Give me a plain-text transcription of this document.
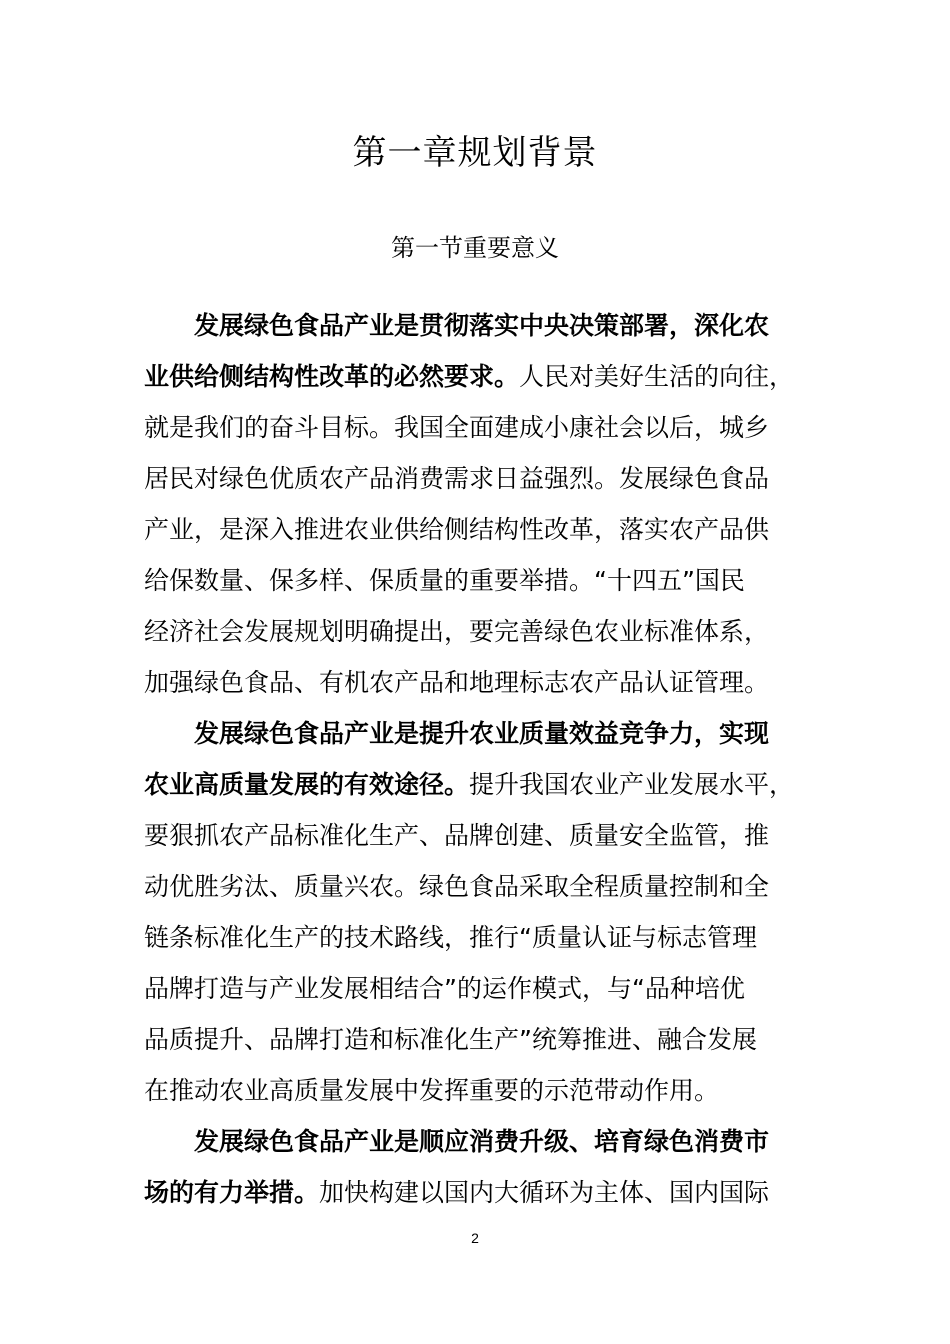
第一章规划背景
第一节重要意义
发展绿色食品产业是贯彻落实中央决策部署，深化农
业供给侧结构性改革的必然要求。人民对美好生活的向往，
就是我们的奋斗目标。我国全面建成小康社会以后，城乡
居民对绿色优质农产品消费需求日益强烈。发展绿色食品
产业，是深入推进农业供给侧结构性改革，落实农产品供
给保数量、保多样、保质量的重要举措。“十四五”国民
经济社会发展规划明确提出，要完善绿色农业标准体系，
加强绿色食品、有机农产品和地理标志农产品认证管理。
发展绿色食品产业是提升农业质量效益竞争力，实现
农业高质量发展的有效途径。提升我国农业产业发展水平，
要狠抓农产品标准化生产、品牌创建、质量安全监管，推
动优胜劣汰、质量兴农。绿色食品采取全程质量控制和全
链条标准化生产的技术路线，推行“质量认证与标志管理
品牌打造与产业发展相结合”的运作模式，与“品种培优
品质提升、品牌打造和标准化生产”统筹推进、融合发展
在推动农业高质量发展中发挥重要的示范带动作用。
发展绿色食品产业是顺应消费升级、培育绿色消费市
场的有力举措。加快构建以国内大循环为主体、国内国际
2
